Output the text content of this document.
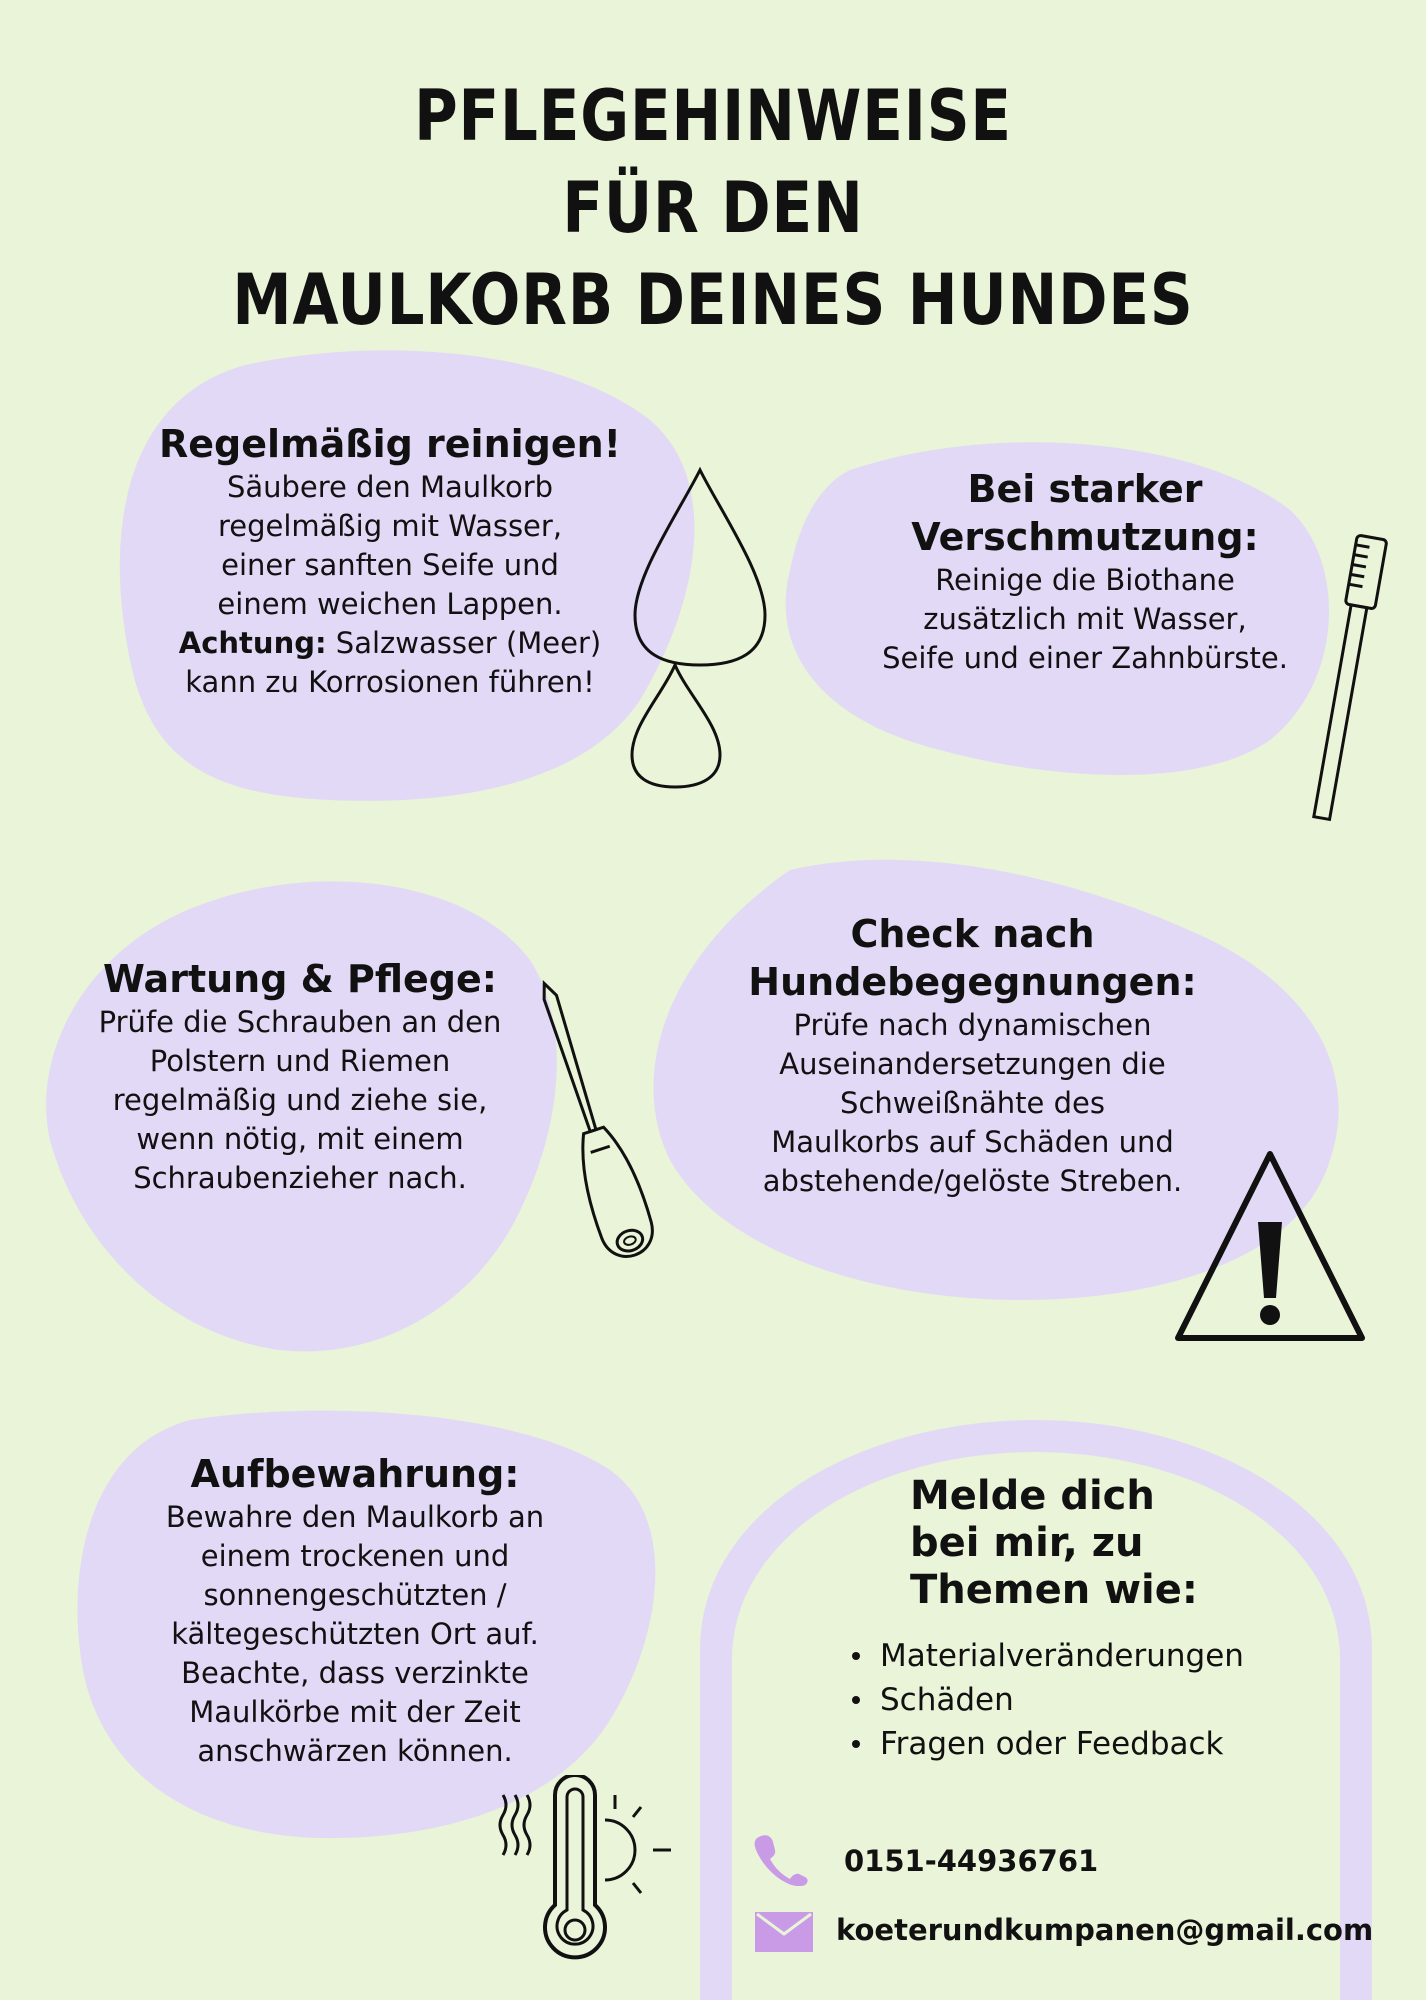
PFLEGEHINWEISE
FÜR DEN
MAULKORB DEINES HUNDES
Regelmäßig reinigen!
Säubere den Maulkorb
regelmäßig mit Wasser,
einer sanften Seife und
einem weichen Lappen.
Achtung: Salzwasser (Meer)
kann zu Korrosionen führen!
Bei starker
Verschmutzung:
Reinige die Biothane
zusätzlich mit Wasser,
Seife und einer Zahnbürste.
Wartung & Pflege:
Prüfe die Schrauben an den
Polstern und Riemen
regelmäßig und ziehe sie,
wenn nötig, mit einem
Schraubenzieher nach.
Check nach
Hundebegegnungen:
Prüfe nach dynamischen
Auseinandersetzungen die
Schweißnähte des
Maulkorbs auf Schäden und
abstehende/gelöste Streben.
Aufbewahrung:
Bewahre den Maulkorb an
einem trockenen und
sonnengeschützten /
kältegeschützten Ort auf.
Beachte, dass verzinkte
Maulkörbe mit der Zeit
anschwärzen können.
Melde dich
bei mir, zu
Themen wie:
Materialveränderungen
Schäden
Fragen oder Feedback
0151-44936761
koeterundkumpanen@gmail.com
